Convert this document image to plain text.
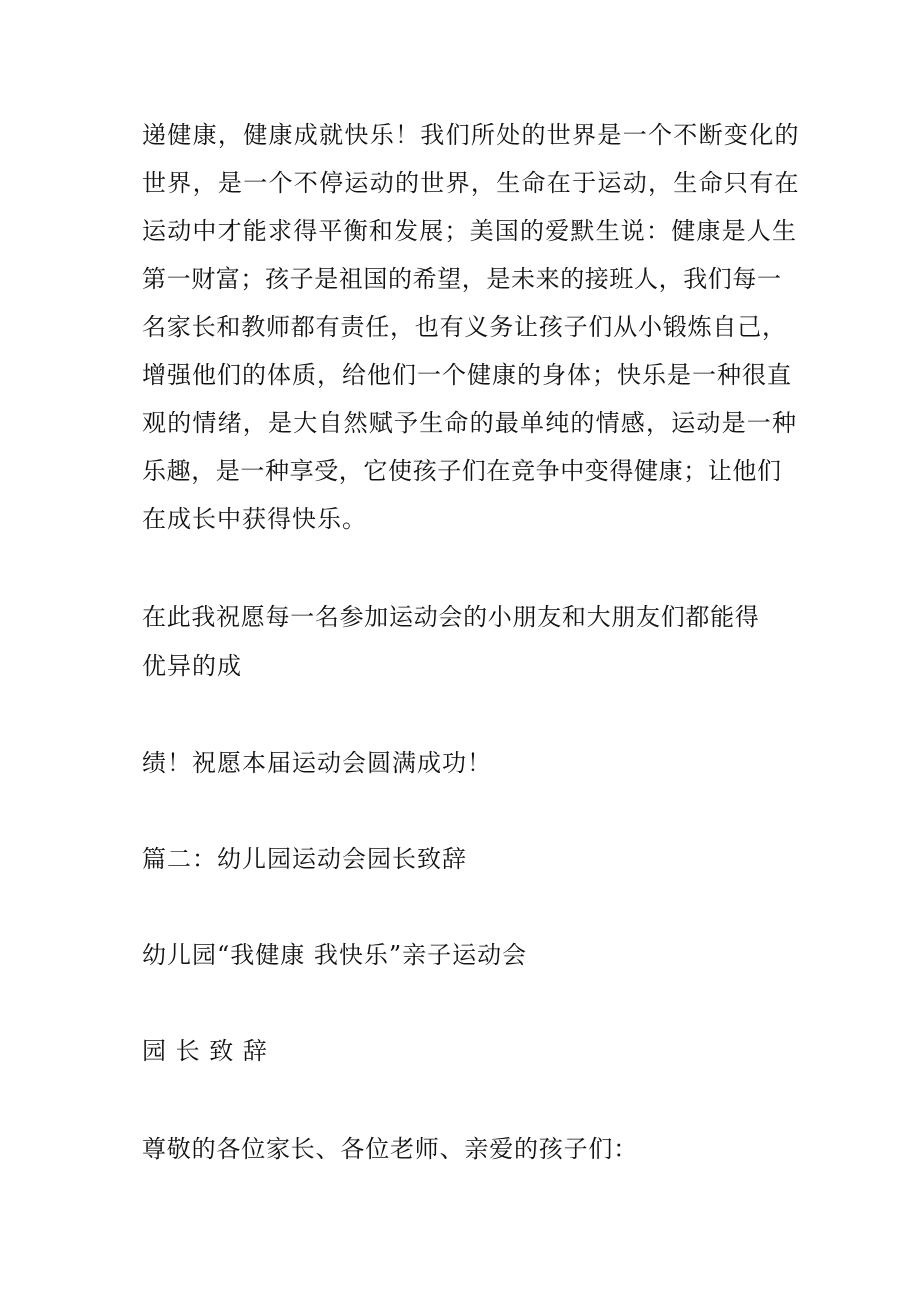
递健康，健康成就快乐！我们所处的世界是一个不断变化的
世界，是一个不停运动的世界，生命在于运动，生命只有在
运动中才能求得平衡和发展；美国的爱默生说：健康是人生
第一财富；孩子是祖国的希望，是未来的接班人，我们每一
名家长和教师都有责任，也有义务让孩子们从小锻炼自己，
增强他们的体质，给他们一个健康的身体；快乐是一种很直
观的情绪，是大自然赋予生命的最单纯的情感，运动是一种
乐趣，是一种享受，它使孩子们在竞争中变得健康；让他们
在成长中获得快乐。
在此我祝愿每一名参加运动会的小朋友和大朋友们都能得
优异的成
绩！祝愿本届运动会圆满成功！
篇二：幼儿园运动会园长致辞
幼儿园“我健康 我快乐”亲子运动会
园 长 致 辞
尊敬的各位家长、各位老师、亲爱的孩子们：
